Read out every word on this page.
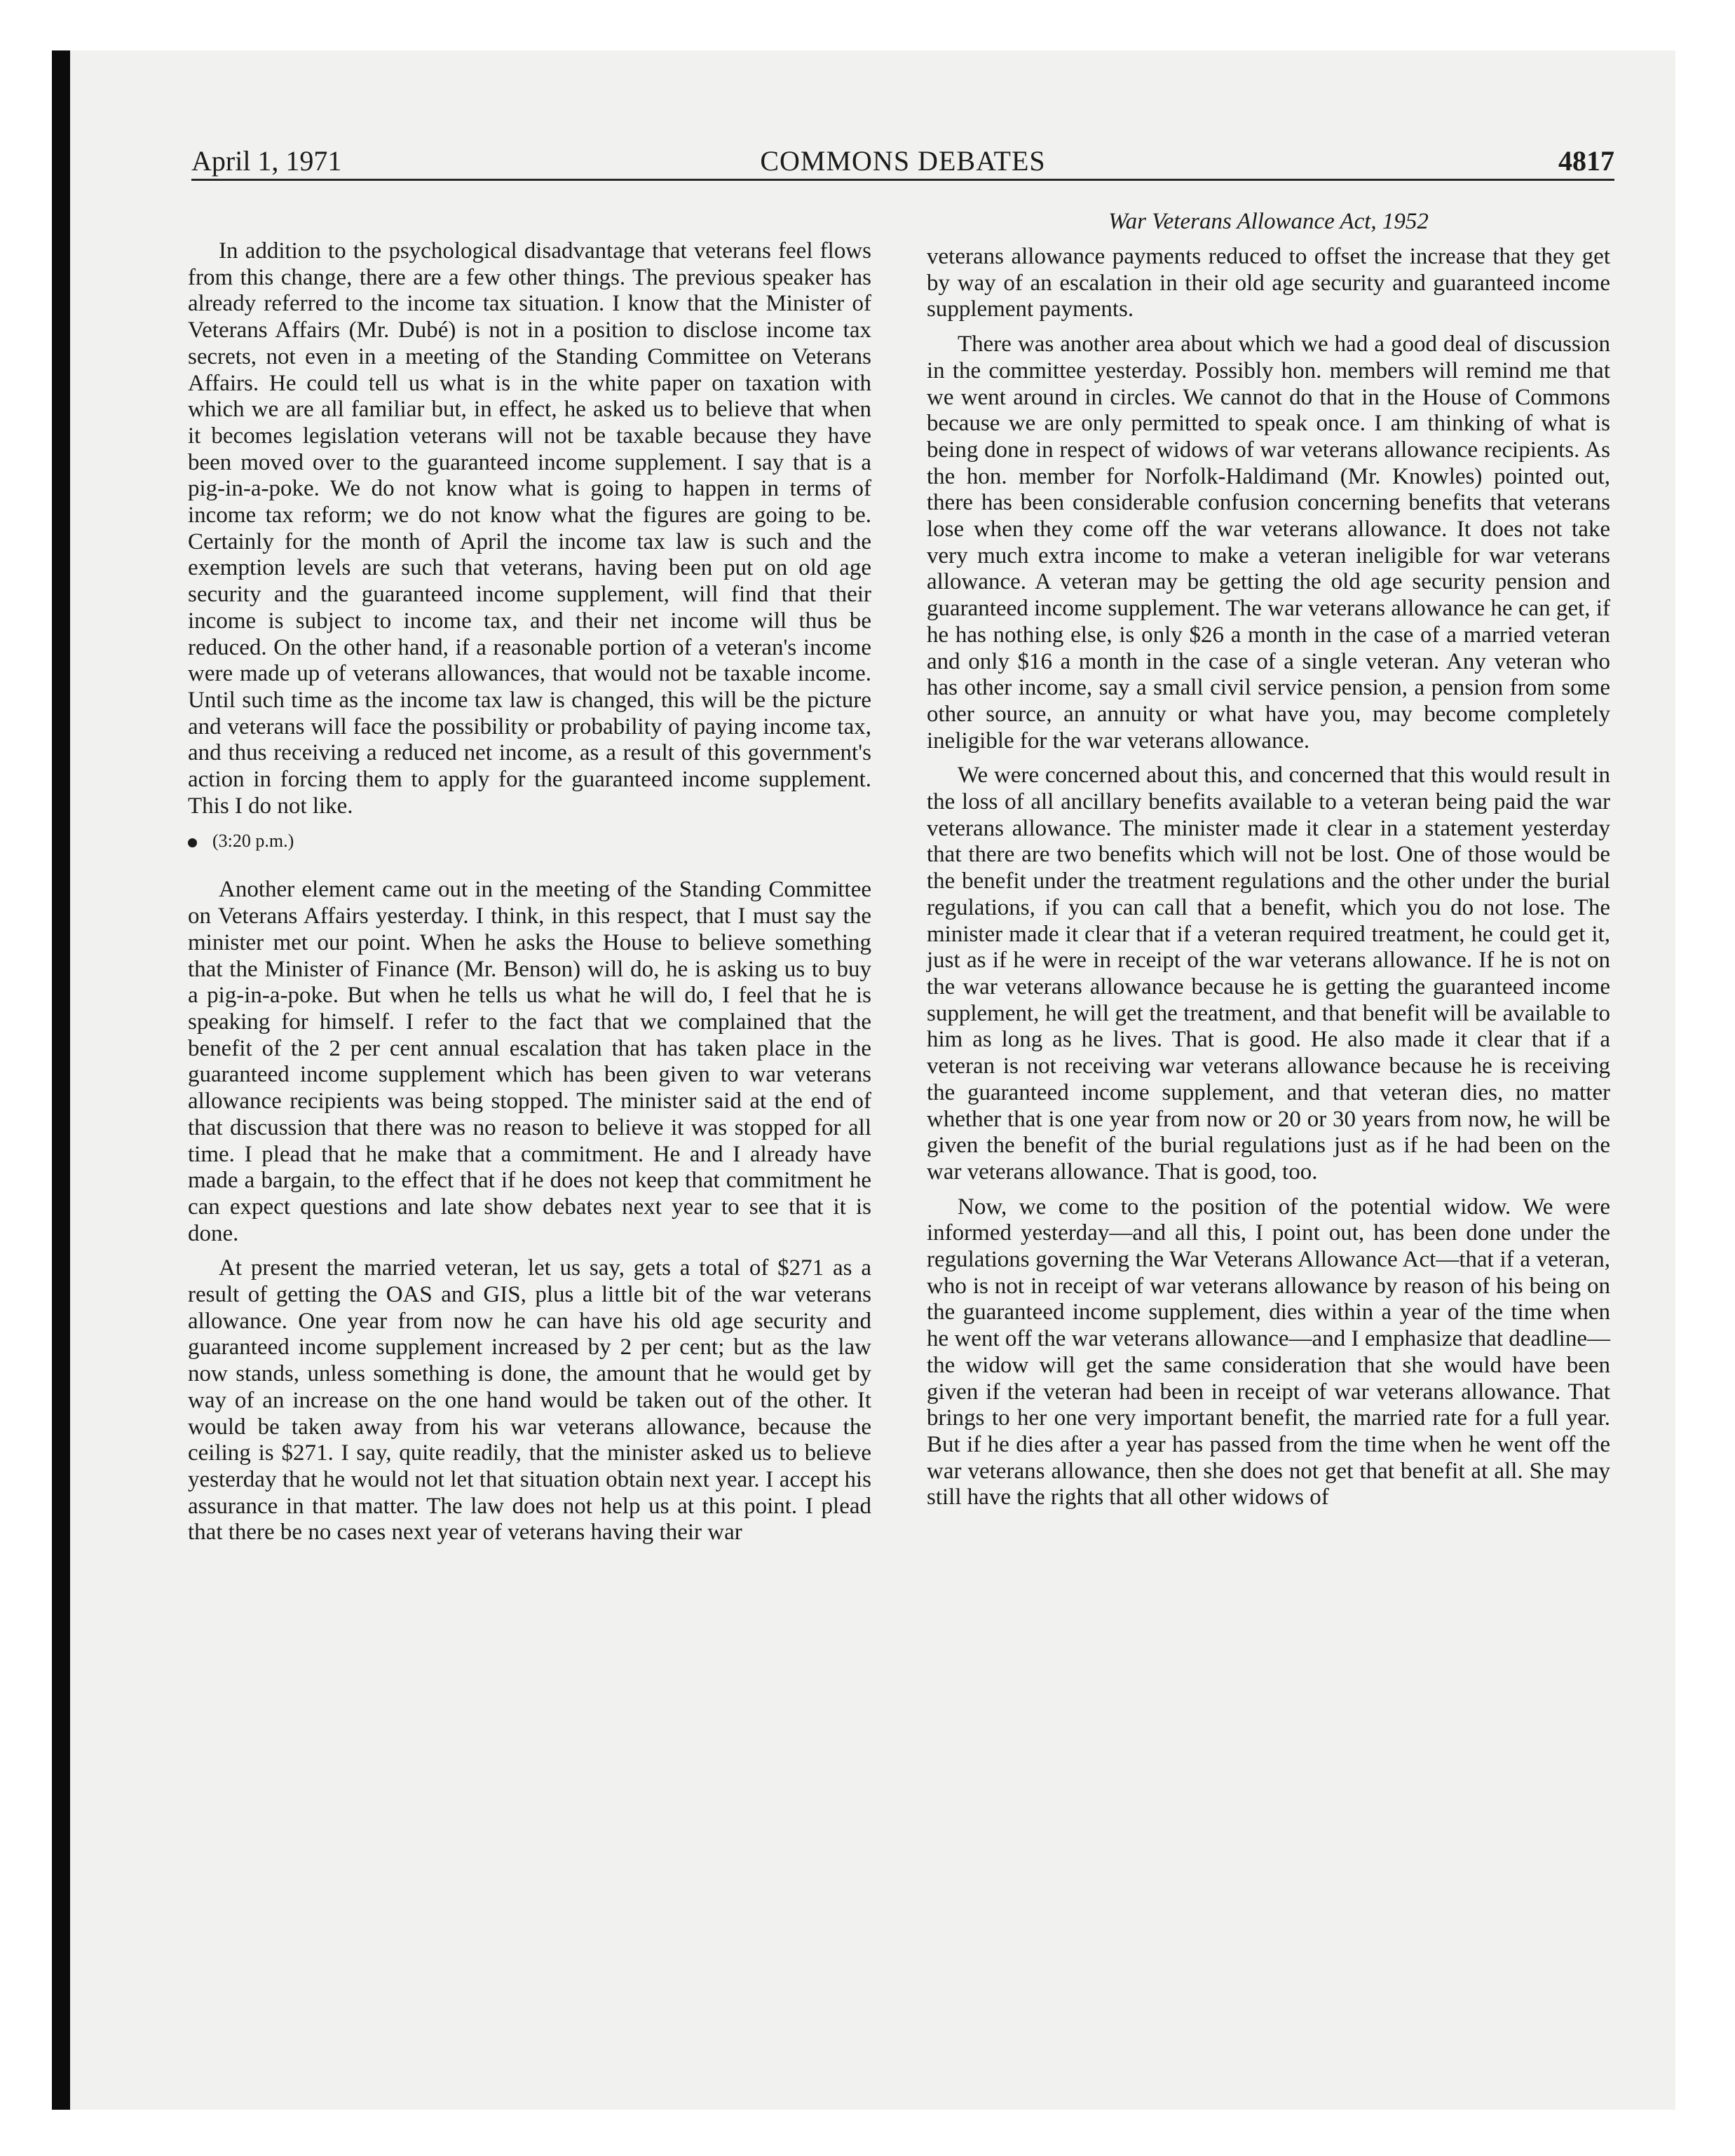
April 1, 1971	COMMONS DEBATES	4817
War Veterans Allowance Act, 1952

In addition to the psychological disadvantage that veterans feel flows from this change, there are a few other things. The previous speaker has already referred to the income tax situation. I know that the Minister of Veterans Affairs (Mr. Dubé) is not in a position to disclose income tax secrets, not even in a meeting of the Standing Committee on Veterans Affairs. He could tell us what is in the white paper on taxation with which we are all familiar but, in effect, he asked us to believe that when it becomes legislation veterans will not be taxable because they have been moved over to the guaranteed income supplement. I say that is a pig-in-a-poke. We do not know what is going to happen in terms of income tax reform; we do not know what the figures are going to be. Certainly for the month of April the income tax law is such and the exemption levels are such that veterans, having been put on old age security and the guaranteed income supplement, will find that their income is subject to income tax, and their net income will thus be reduced. On the other hand, if a reasonable portion of a veteran's income were made up of veterans allowances, that would not be taxable income. Until such time as the income tax law is changed, this will be the picture and veterans will face the possibility or probability of paying income tax, and thus receiving a reduced net income, as a result of this government's action in forcing them to apply for the guaranteed income supplement. This I do not like.

(3:20 p.m.)

Another element came out in the meeting of the Standing Committee on Veterans Affairs yesterday. I think, in this respect, that I must say the minister met our point. When he asks the House to believe something that the Minister of Finance (Mr. Benson) will do, he is asking us to buy a pig-in-a-poke. But when he tells us what he will do, I feel that he is speaking for himself. I refer to the fact that we complained that the benefit of the 2 per cent annual escalation that has taken place in the guaranteed income supplement which has been given to war veterans allowance recipients was being stopped. The minister said at the end of that discussion that there was no reason to believe it was stopped for all time. I plead that he make that a commitment. He and I already have made a bargain, to the effect that if he does not keep that commitment he can expect questions and late show debates next year to see that it is done.

At present the married veteran, let us say, gets a total of $271 as a result of getting the OAS and GIS, plus a little bit of the war veterans allowance. One year from now he can have his old age security and guaranteed income supplement increased by 2 per cent; but as the law now stands, unless something is done, the amount that he would get by way of an increase on the one hand would be taken out of the other. It would be taken away from his war veterans allowance, because the ceiling is $271. I say, quite readily, that the minister asked us to believe yesterday that he would not let that situation obtain next year. I accept his assurance in that matter. The law does not help us at this point. I plead that there be no cases next year of veterans having their war

veterans allowance payments reduced to offset the increase that they get by way of an escalation in their old age security and guaranteed income supplement payments.

There was another area about which we had a good deal of discussion in the committee yesterday. Possibly hon. members will remind me that we went around in circles. We cannot do that in the House of Commons because we are only permitted to speak once. I am thinking of what is being done in respect of widows of war veterans allowance recipients. As the hon. member for Norfolk-Haldimand (Mr. Knowles) pointed out, there has been considerable confusion concerning benefits that veterans lose when they come off the war veterans allowance. It does not take very much extra income to make a veteran ineligible for war veterans allowance. A veteran may be getting the old age security pension and guaranteed income supplement. The war veterans allowance he can get, if he has nothing else, is only $26 a month in the case of a married veteran and only $16 a month in the case of a single veteran. Any veteran who has other income, say a small civil service pension, a pension from some other source, an annuity or what have you, may become completely ineligible for the war veterans allowance.

We were concerned about this, and concerned that this would result in the loss of all ancillary benefits available to a veteran being paid the war veterans allowance. The minister made it clear in a statement yesterday that there are two benefits which will not be lost. One of those would be the benefit under the treatment regulations and the other under the burial regulations, if you can call that a benefit, which you do not lose. The minister made it clear that if a veteran required treatment, he could get it, just as if he were in receipt of the war veterans allowance. If he is not on the war veterans allowance because he is getting the guaranteed income supplement, he will get the treatment, and that benefit will be available to him as long as he lives. That is good. He also made it clear that if a veteran is not receiving war veterans allowance because he is receiving the guaranteed income supplement, and that veteran dies, no matter whether that is one year from now or 20 or 30 years from now, he will be given the benefit of the burial regulations just as if he had been on the war veterans allowance. That is good, too.

Now, we come to the position of the potential widow. We were informed yesterday—and all this, I point out, has been done under the regulations governing the War Veterans Allowance Act—that if a veteran, who is not in receipt of war veterans allowance by reason of his being on the guaranteed income supplement, dies within a year of the time when he went off the war veterans allowance—and I emphasize that deadline—the widow will get the same consideration that she would have been given if the veteran had been in receipt of war veterans allowance. That brings to her one very important benefit, the married rate for a full year. But if he dies after a year has passed from the time when he went off the war veterans allowance, then she does not get that benefit at all. She may still have the rights that all other widows of
